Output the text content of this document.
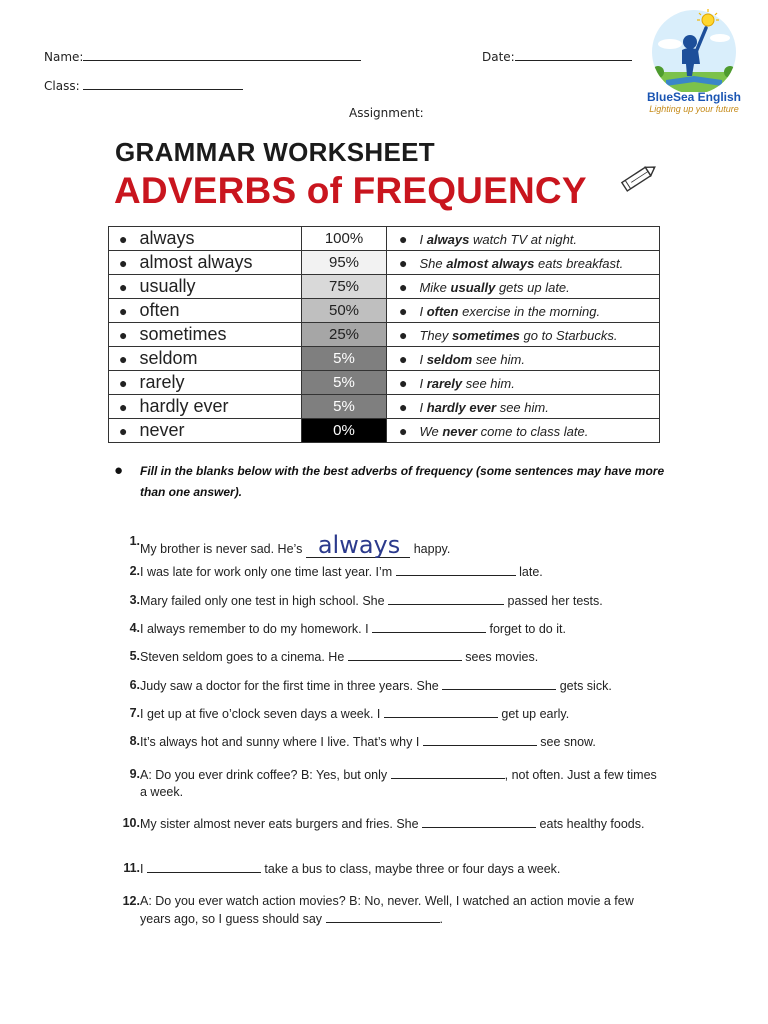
Name:	Date:
Class:
Assignment:
BlueSea English
Lighting up your future
GRAMMAR WORKSHEET
ADVERBS of FREQUENCY
● always	100%	● I always watch TV at night.
● almost always	95%	● She almost always eats breakfast.
● usually	75%	● Mike usually gets up late.
● often	50%	● I often exercise in the morning.
● sometimes	25%	● They sometimes go to Starbucks.
● seldom	5%	● I seldom see him.
● rarely	5%	● I rarely see him.
● hardly ever	5%	● I hardly ever see him.
● never	0%	● We never come to class late.
●	Fill in the blanks below with the best adverbs of frequency (some sentences may have more than one answer).
1.
My brother is never sad. He’s always happy.
2. I was late for work only one time last year. I’m	late.
3. Mary failed only one test in high school. She	passed her tests.
4. I always remember to do my homework. I	forget to do it.
5. Steven seldom goes to a cinema. He	sees movies.
6. Judy saw a doctor for the first time in three years. She	gets sick.
7. I get up at five o’clock seven days a week. I	get up early.
8. It’s always hot and sunny where I live. That’s why I	see snow.
9. A: Do you ever drink coffee? B: Yes, but only	, not often. Just a few times a week.
10. My sister almost never eats burgers and fries. She	eats healthy foods.
11. I	take a bus to class, maybe three or four days a week.
12. A: Do you ever watch action movies? B: No, never. Well, I watched an action movie a few years ago, so I guess should say	.
